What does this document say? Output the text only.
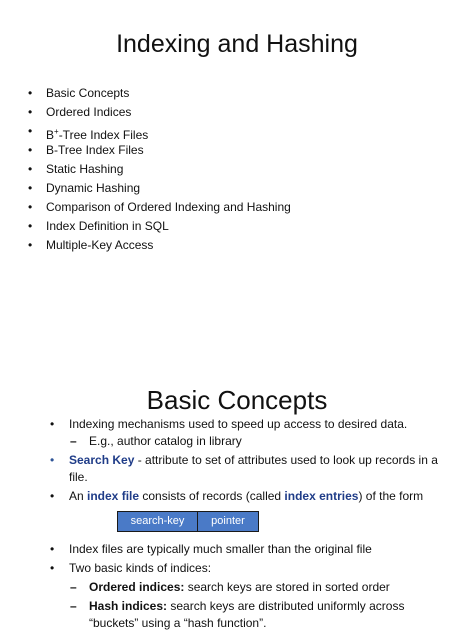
Indexing and Hashing
• Basic Concepts
• Ordered Indices
• B+-Tree Index Files
• B-Tree Index Files
• Static Hashing
• Dynamic Hashing
• Comparison of Ordered Indexing and Hashing
• Index Definition in SQL
• Multiple-Key Access
Basic Concepts

• Indexing mechanisms used to speed up access to desired data.

– E.g., author catalog in library

• Search Key - attribute to set of attributes used to look up records in a file.

• An index file consists of records (called index entries) of the form

search-key	pointer

• Index files are typically much smaller than the original file

• Two basic kinds of indices:

– Ordered indices: search keys are stored in sorted order

– Hash indices: search keys are distributed uniformly across “buckets” using a “hash function”.
